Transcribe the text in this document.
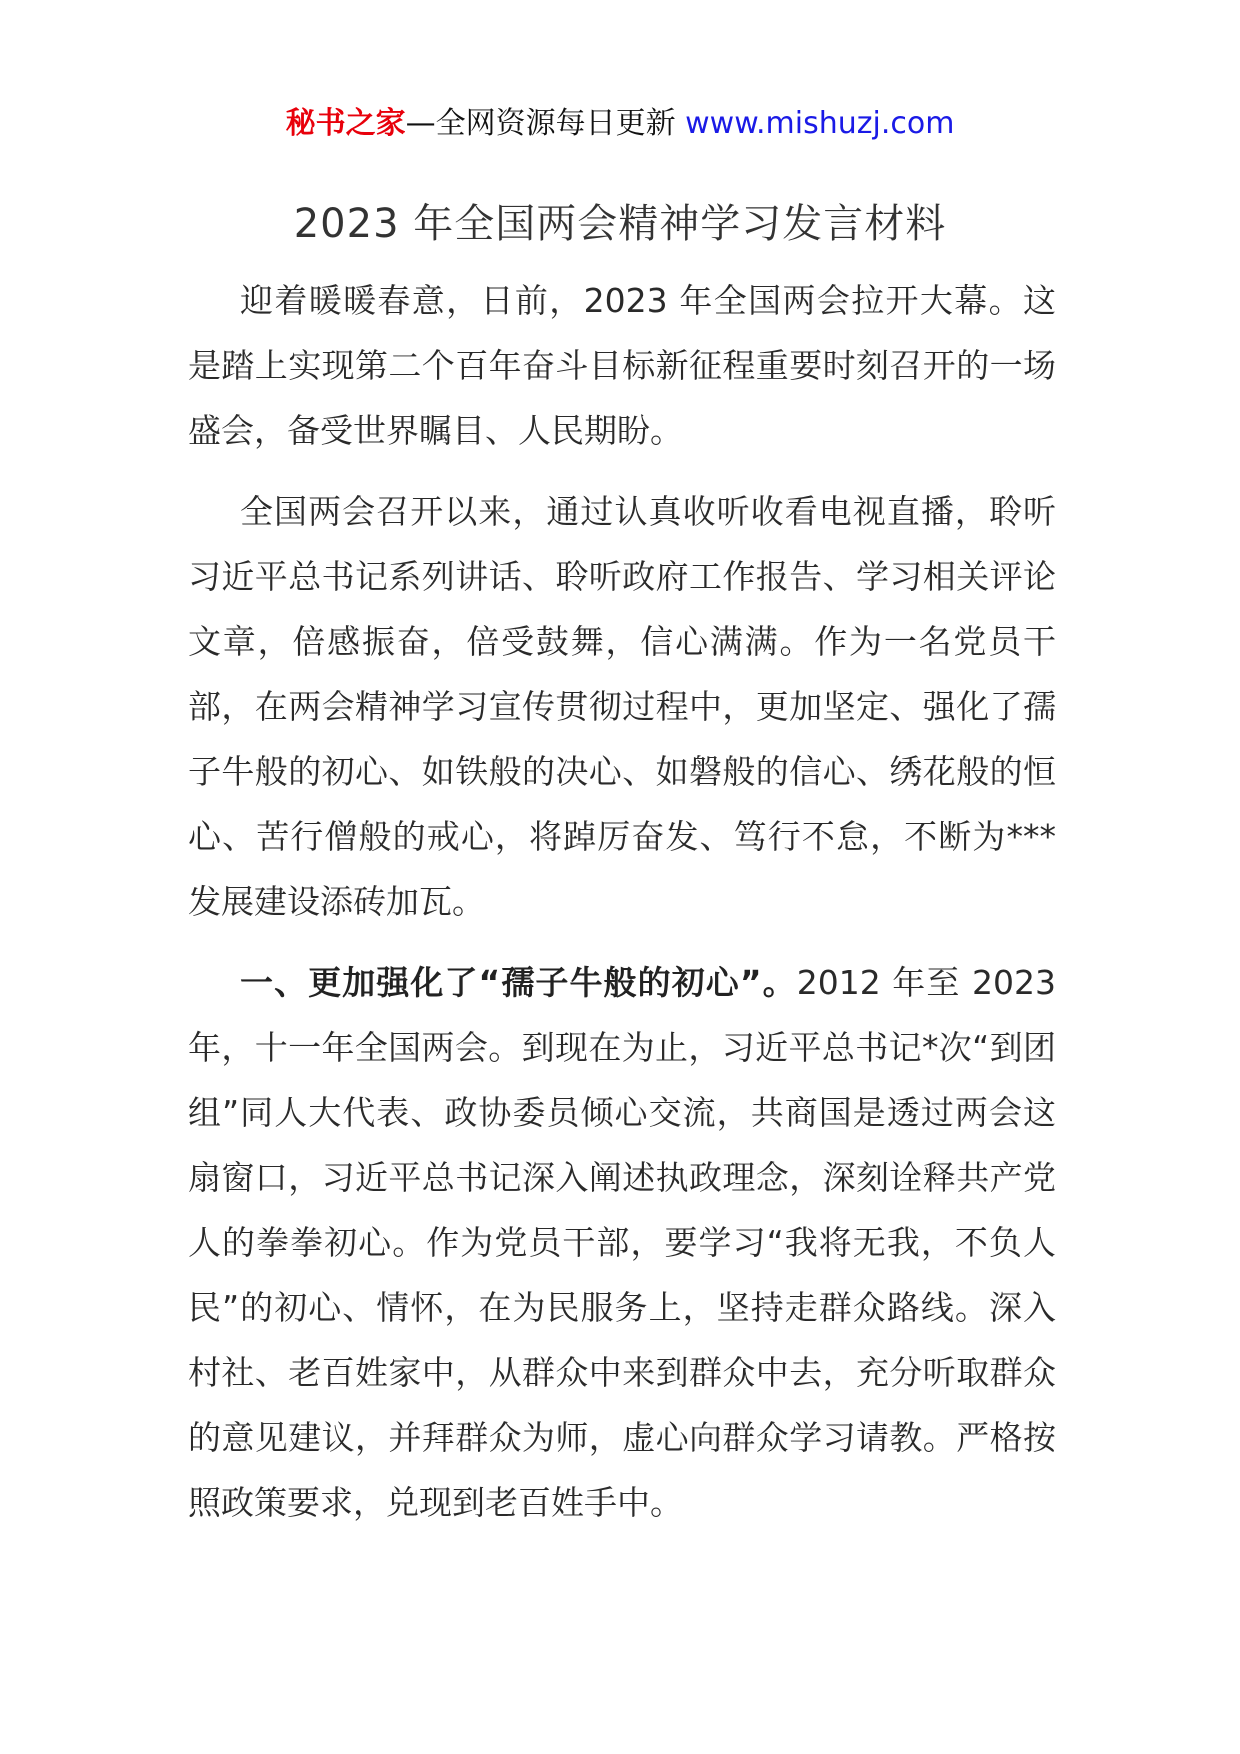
秘书之家—全网资源每日更新 www.mishuzj.com
2023 年全国两会精神学习发言材料

迎着暖暖春意，日前，2023 年全国两会拉开大幕。这是踏上实现第二个百年奋斗目标新征程重要时刻召开的一场盛会，备受世界瞩目、人民期盼。

全国两会召开以来，通过认真收听收看电视直播，聆听习近平总书记系列讲话、聆听政府工作报告、学习相关评论文章，倍感振奋，倍受鼓舞，信心满满。作为一名党员干部，在两会精神学习宣传贯彻过程中，更加坚定、强化了孺子牛般的初心、如铁般的决心、如磐般的信心、绣花般的恒心、苦行僧般的戒心，将踔厉奋发、笃行不怠，不断为***发展建设添砖加瓦。

一、更加强化了“孺子牛般的初心”。2012 年至 2023 年，十一年全国两会。到现在为止，习近平总书记*次“到团组”同人大代表、政协委员倾心交流，共商国是透过两会这扇窗口，习近平总书记深入阐述执政理念，深刻诠释共产党人的拳拳初心。作为党员干部，要学习“我将无我，不负人民”的初心、情怀，在为民服务上，坚持走群众路线。深入村社、老百姓家中，从群众中来到群众中去，充分听取群众的意见建议，并拜群众为师，虚心向群众学习请教。严格按照政策要求，兑现到老百姓手中。
